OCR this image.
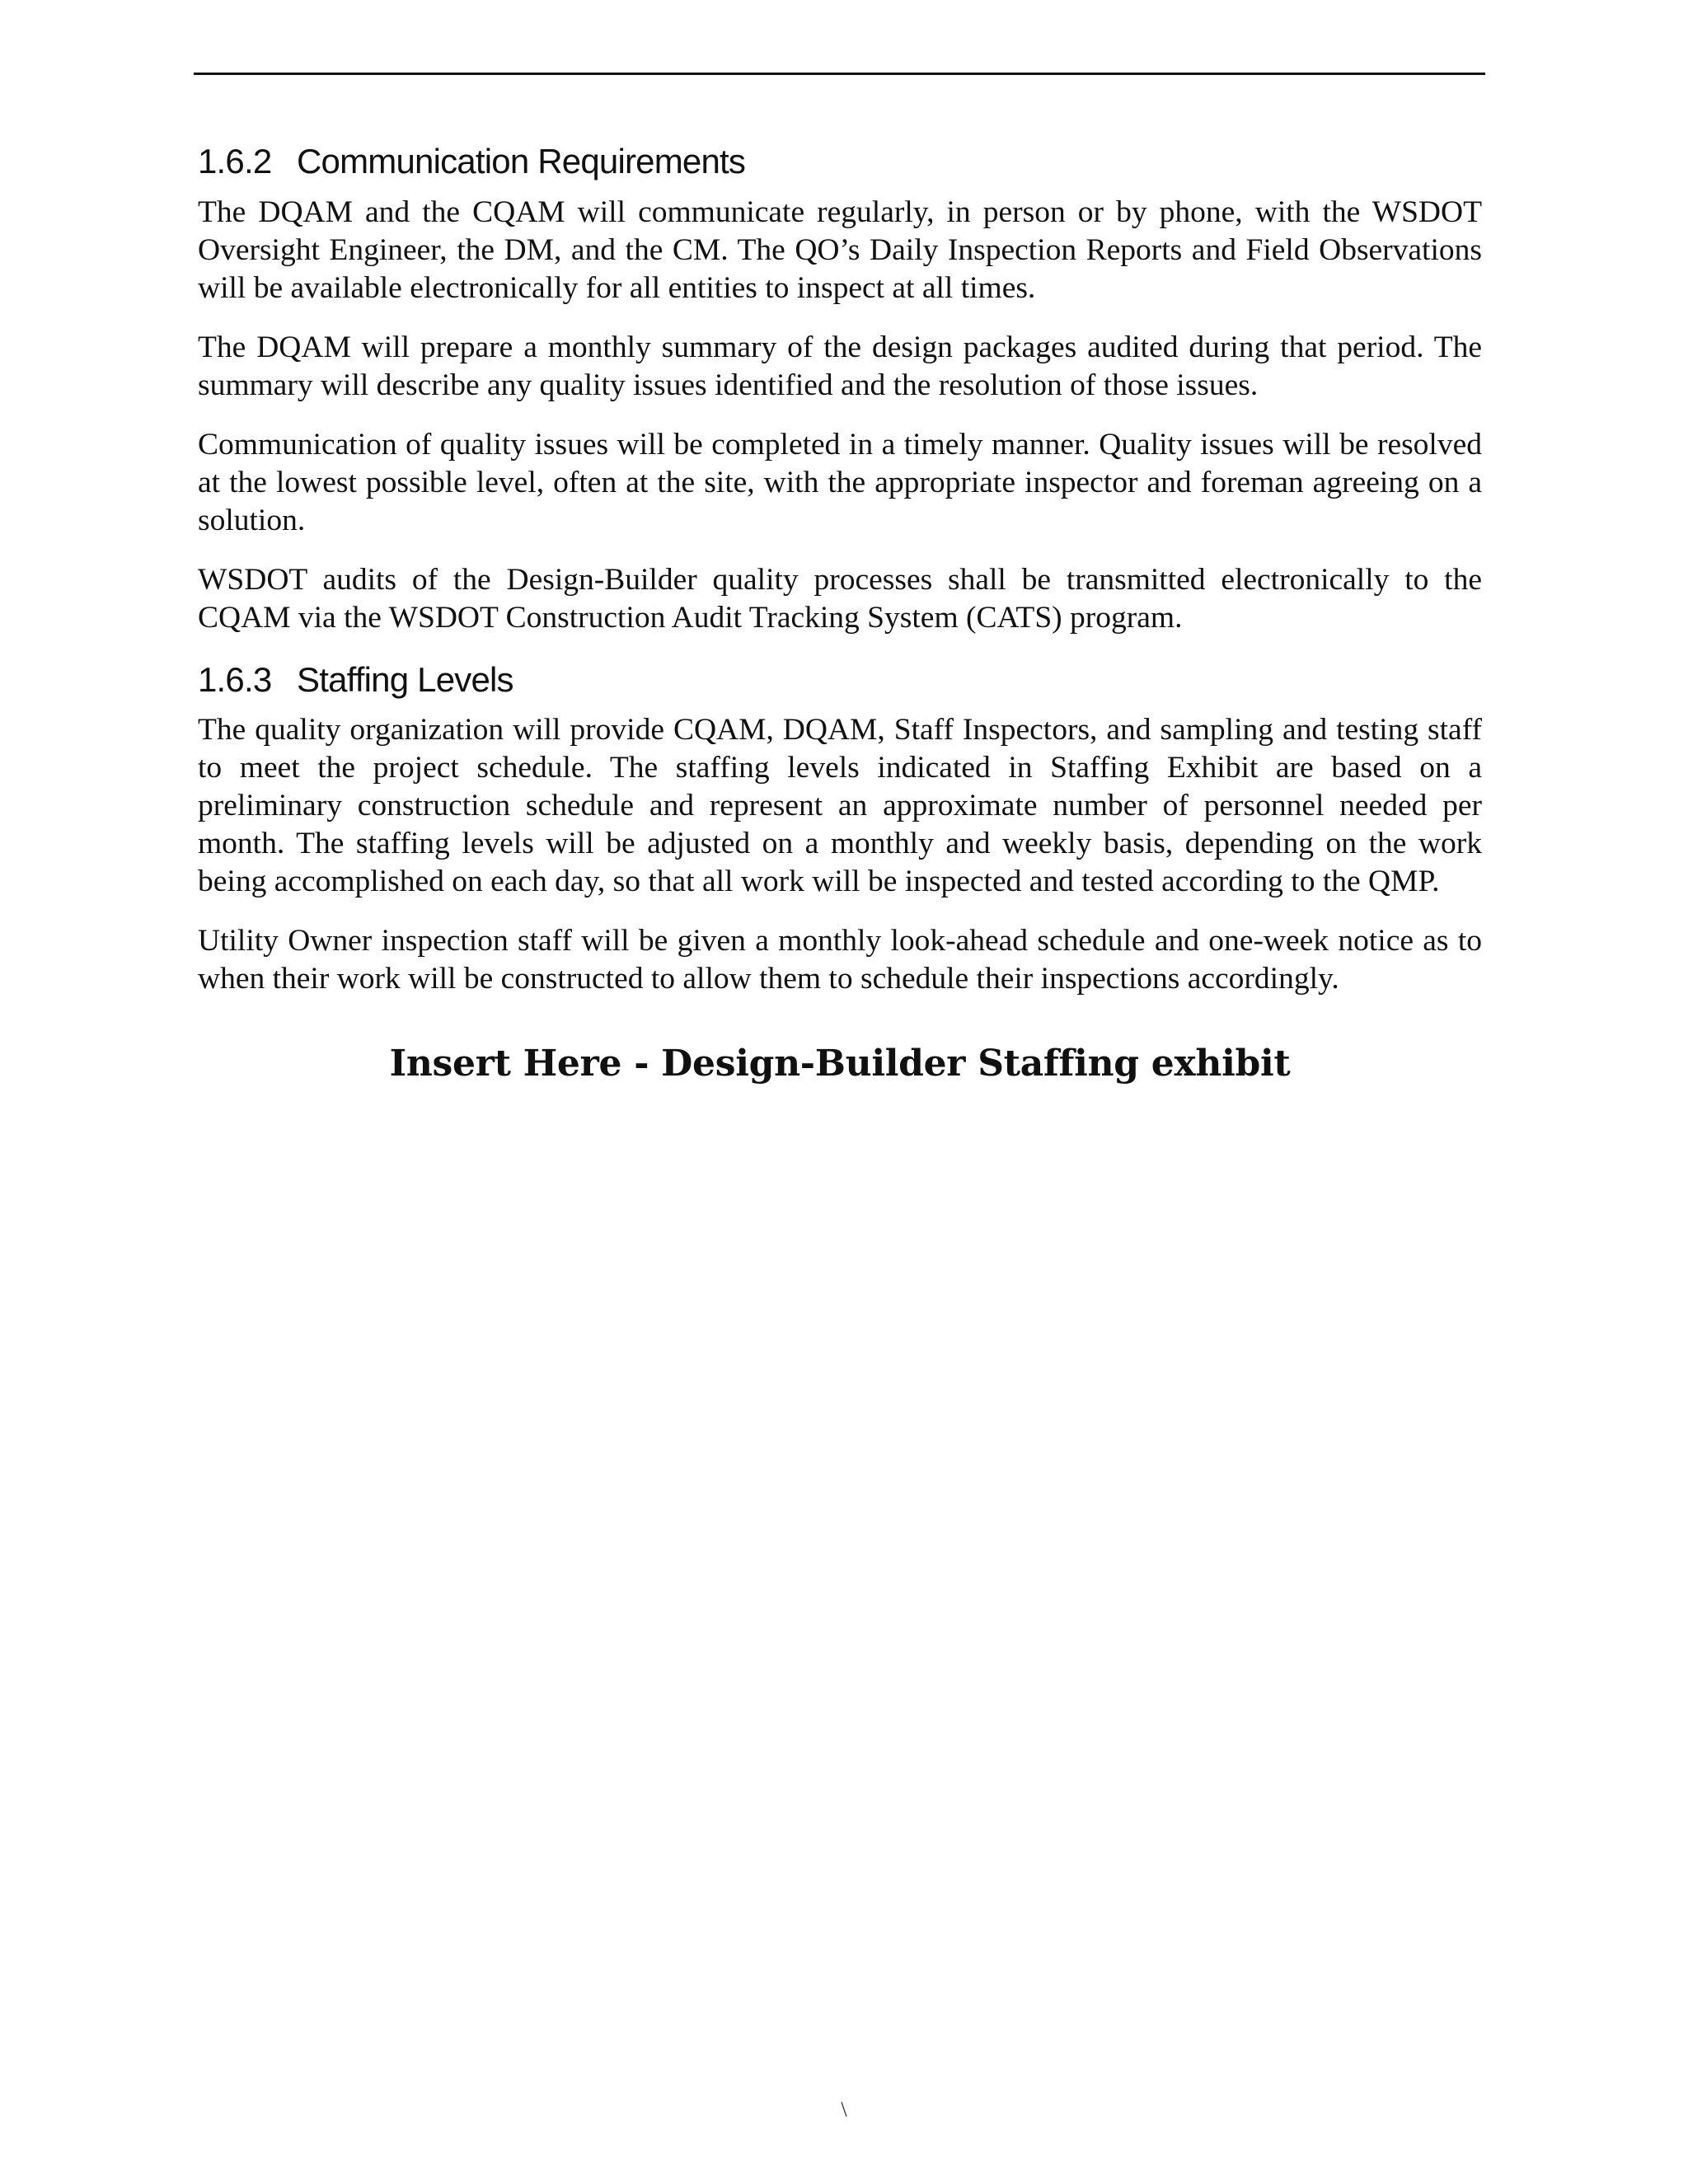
1.6.2 Communication Requirements

The DQAM and the CQAM will communicate regularly, in person or by phone, with the WSDOT Oversight Engineer, the DM, and the CM. The QO’s Daily Inspection Reports and Field Observations will be available electronically for all entities to inspect at all times.

The DQAM will prepare a monthly summary of the design packages audited during that period. The summary will describe any quality issues identified and the resolution of those issues.

Communication of quality issues will be completed in a timely manner. Quality issues will be resolved at the lowest possible level, often at the site, with the appropriate inspector and foreman agreeing on a solution.

WSDOT audits of the Design-Builder quality processes shall be transmitted electronically to the CQAM via the WSDOT Construction Audit Tracking System (CATS) program.

1.6.3 Staffing Levels

The quality organization will provide CQAM, DQAM, Staff Inspectors, and sampling and testing staff to meet the project schedule. The staffing levels indicated in Staffing Exhibit are based on a preliminary construction schedule and represent an approximate number of personnel needed per month. The staffing levels will be adjusted on a monthly and weekly basis, depending on the work being accomplished on each day, so that all work will be inspected and tested according to the QMP.

Utility Owner inspection staff will be given a monthly look-ahead schedule and one-week notice as to when their work will be constructed to allow them to schedule their inspections accordingly.

Insert Here - Design-Builder Staffing exhibit
\
